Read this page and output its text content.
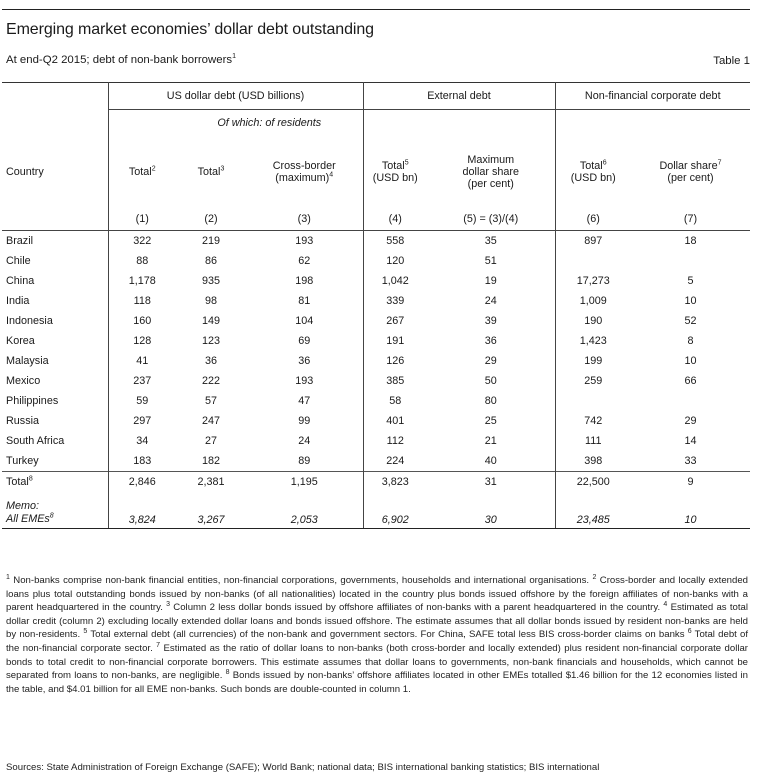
Emerging market economies’ dollar debt outstanding
At end-Q2 2015; debt of non-bank borrowers$^1$	Table 1
	US dollar debt (USD billions)			External debt		Non-financial corporate debt	
		Of which: of residents					
Country	Total$^2$	Total$^3$	Cross-border (maximum)$^4$	Total$^5$ (USD bn)	Maximum dollar share (per cent)	Total$^6$ (USD bn)	Dollar share$^7$ (per cent)
	(1)	(2)	(3)	(4)	(5) = (3)/(4)	(6)	(7)
Brazil	322	219	193	558	35	897	18
Chile	88	86	62	120	51		
China	1,178	935	198	1,042	19	17,273	5
India	118	98	81	339	24	1,009	10
Indonesia	160	149	104	267	39	190	52
Korea	128	123	69	191	36	1,423	8
Malaysia	41	36	36	126	29	199	10
Mexico	237	222	193	385	50	259	66
Philippines	59	57	47	58	80		
Russia	297	247	99	401	25	742	29
South Africa	34	27	24	112	21	111	14
Turkey	183	182	89	224	40	398	33
Total$^8$	2,846	2,381	1,195	3,823	31	22,500	9

Memo:
All EMEs$^8$	3,824	3,267	2,053	6,902	30	23,485	10
$^1$ Non-banks comprise non-bank financial entities, non-financial corporations, governments, households and international organisations. $^2$ Cross-border and locally extended loans plus total outstanding bonds issued by non-banks (of all nationalities) located in the country plus bonds issued offshore by the foreign affiliates of non-banks with a parent headquartered in the country. $^3$ Column 2 less dollar bonds issued by offshore affiliates of non-banks with a parent headquartered in the country. $^4$ Estimated as total dollar credit (column 2) excluding locally extended dollar loans and bonds issued offshore. The estimate assumes that all dollar bonds issued by resident non-banks are held by non-residents. $^5$ Total external debt (all currencies) of the non-bank and government sectors. For China, SAFE total less BIS cross-border claims on banks $^6$ Total debt of the non-financial corporate sector. $^7$ Estimated as the ratio of dollar loans to non-banks (both cross-border and locally extended) plus resident non-financial corporate dollar bonds to total credit to non-financial corporate borrowers. This estimate assumes that dollar loans to governments, non-bank financials and households, which cannot be separated from loans to non-banks, are negligible. $^8$ Bonds issued by non-banks’ offshore affiliates located in other EMEs totalled $1.46 billion for the 12 economies listed in the table, and $4.01 billion for all EME non-banks. Such bonds are double-counted in column 1.
Sources: State Administration of Foreign Exchange (SAFE); World Bank; national data; BIS international banking statistics; BIS international
